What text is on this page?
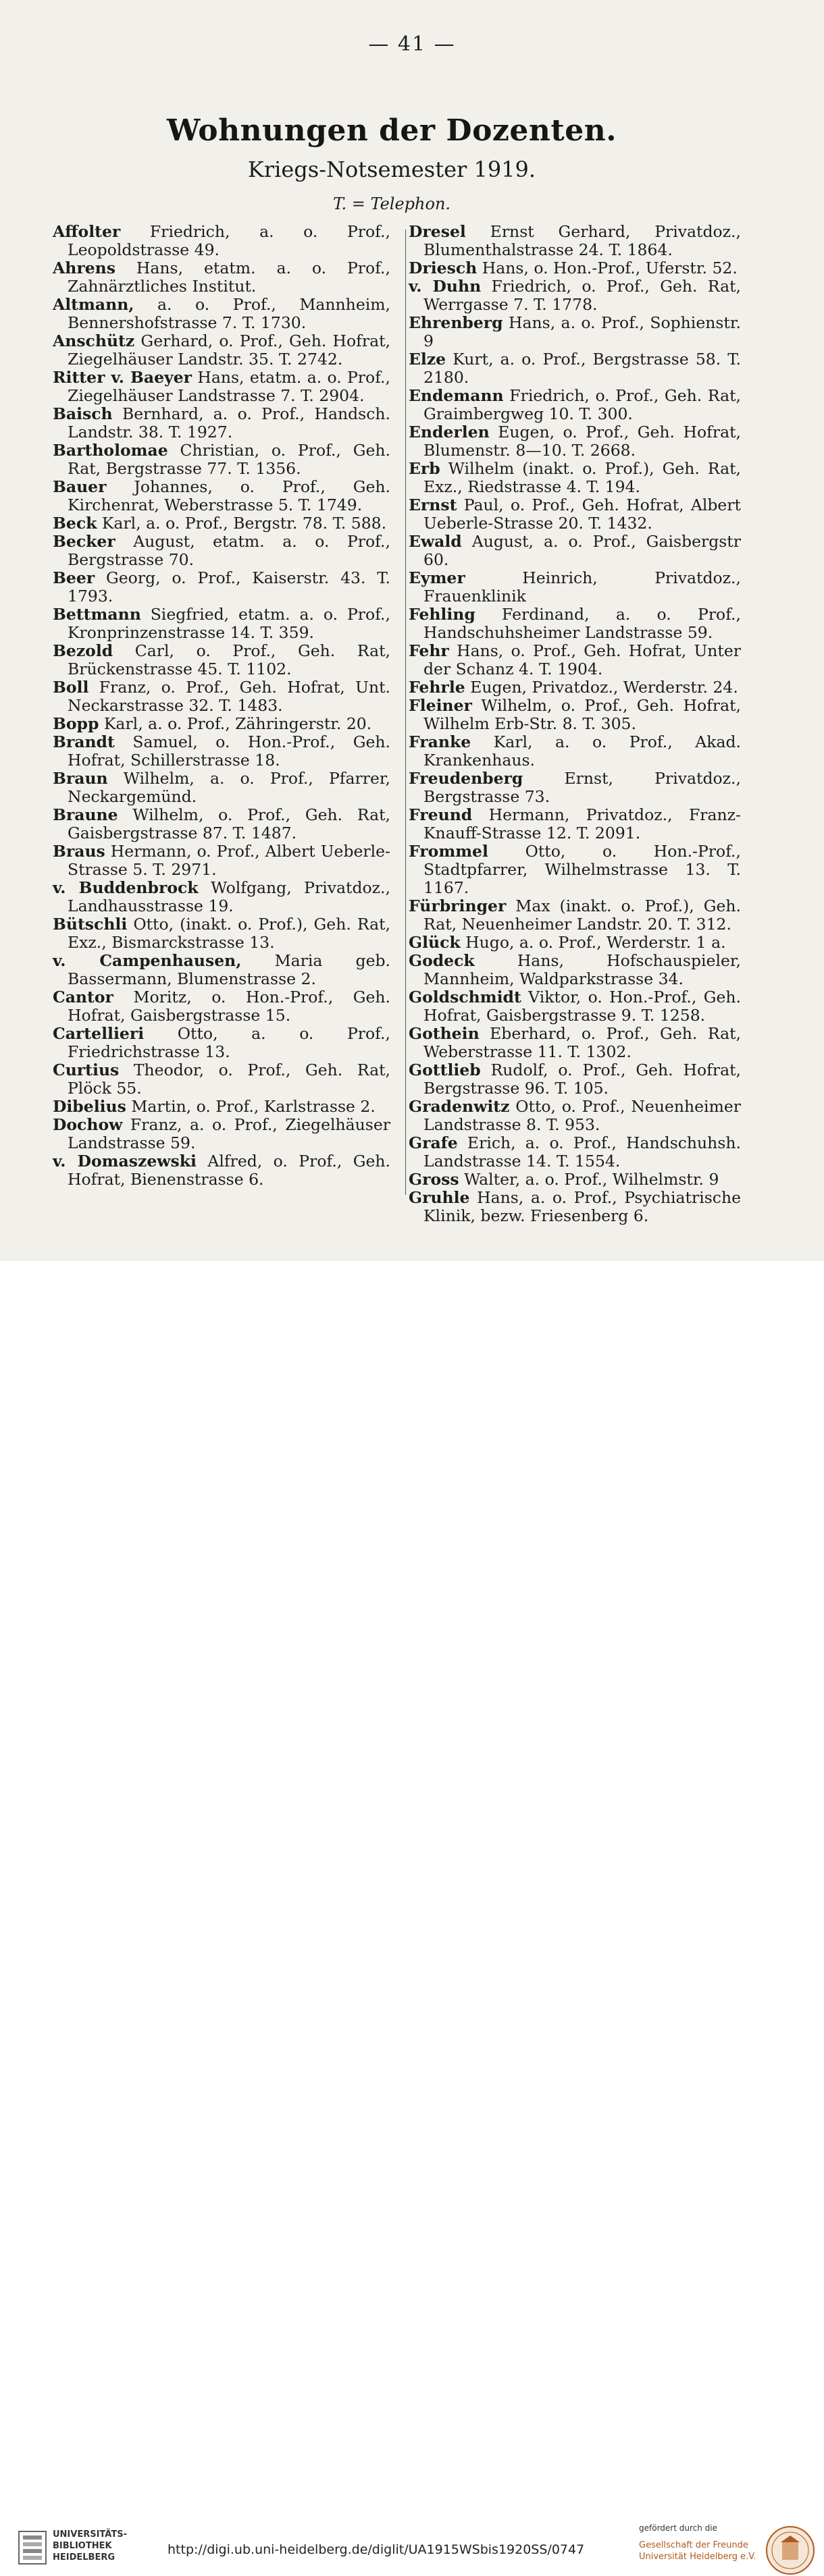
— 41 —
Wohnungen der Dozenten.
Kriegs-Notsemester 1919.
T. = Telephon.
Affolter Friedrich, a. o. Prof., Leopoldstrasse 49.
Ahrens Hans, etatm. a. o. Prof., Zahnärztliches Institut.
Altmann, a. o. Prof., Mannheim, Bennershofstrasse 7. T. 1730.
Anschütz Gerhard, o. Prof., Geh. Hofrat, Ziegelhäuser Landstr. 35. T. 2742.
Ritter v. Baeyer Hans, etatm. a. o. Prof., Ziegelhäuser Landstrasse 7. T. 2904.
Baisch Bernhard, a. o. Prof., Handsch. Landstr. 38. T. 1927.
Bartholomae Christian, o. Prof., Geh. Rat, Bergstrasse 77. T. 1356.
Bauer Johannes, o. Prof., Geh. Kirchenrat, Weberstrasse 5. T. 1749.
Beck Karl, a. o. Prof., Bergstr. 78. T. 588.
Becker August, etatm. a. o. Prof., Bergstrasse 70.
Beer Georg, o. Prof., Kaiserstr. 43. T. 1793.
Bettmann Siegfried, etatm. a. o. Prof., Kronprinzenstrasse 14. T. 359.
Bezold Carl, o. Prof., Geh. Rat, Brückenstrasse 45. T. 1102.
Boll Franz, o. Prof., Geh. Hofrat, Unt. Neckarstrasse 32. T. 1483.
Bopp Karl, a. o. Prof., Zähringerstr. 20.
Brandt Samuel, o. Hon.-Prof., Geh. Hofrat, Schillerstrasse 18.
Braun Wilhelm, a. o. Prof., Pfarrer, Neckargemünd.
Braune Wilhelm, o. Prof., Geh. Rat, Gaisbergstrasse 87. T. 1487.
Braus Hermann, o. Prof., Albert Ueberle-Strasse 5. T. 2971.
v. Buddenbrock Wolfgang, Privatdoz., Landhausstrasse 19.
Bütschli Otto, (inakt. o. Prof.), Geh. Rat, Exz., Bismarckstrasse 13.
v. Campenhausen, Maria geb. Bassermann, Blumenstrasse 2.
Cantor Moritz, o. Hon.-Prof., Geh. Hofrat, Gaisbergstrasse 15.
Cartellieri Otto, a. o. Prof., Friedrichstrasse 13.
Curtius Theodor, o. Prof., Geh. Rat, Plöck 55.
Dibelius Martin, o. Prof., Karlstrasse 2.
Dochow Franz, a. o. Prof., Ziegelhäuser Landstrasse 59.
v. Domaszewski Alfred, o. Prof., Geh. Hofrat, Bienenstrasse 6.
Dresel Ernst Gerhard, Privatdoz., Blumenthalstrasse 24. T. 1864.
Driesch Hans, o. Hon.-Prof., Uferstr. 52.
v. Duhn Friedrich, o. Prof., Geh. Rat, Werrgasse 7. T. 1778.
Ehrenberg Hans, a. o. Prof., Sophienstr. 9
Elze Kurt, a. o. Prof., Bergstrasse 58. T. 2180.
Endemann Friedrich, o. Prof., Geh. Rat, Graimbergweg 10. T. 300.
Enderlen Eugen, o. Prof., Geh. Hofrat, Blumenstr. 8—10. T. 2668.
Erb Wilhelm (inakt. o. Prof.), Geh. Rat, Exz., Riedstrasse 4. T. 194.
Ernst Paul, o. Prof., Geh. Hofrat, Albert Ueberle-Strasse 20. T. 1432.
Ewald August, a. o. Prof., Gaisbergstr 60.
Eymer Heinrich, Privatdoz., Frauenklinik
Fehling Ferdinand, a. o. Prof., Handschuhsheimer Landstrasse 59.
Fehr Hans, o. Prof., Geh. Hofrat, Unter der Schanz 4. T. 1904.
Fehrle Eugen, Privatdoz., Werderstr. 24.
Fleiner Wilhelm, o. Prof., Geh. Hofrat, Wilhelm Erb-Str. 8. T. 305.
Franke Karl, a. o. Prof., Akad. Krankenhaus.
Freudenberg Ernst, Privatdoz., Bergstrasse 73.
Freund Hermann, Privatdoz., Franz-Knauff-Strasse 12. T. 2091.
Frommel Otto, o. Hon.-Prof., Stadtpfarrer, Wilhelmstrasse 13. T. 1167.
Fürbringer Max (inakt. o. Prof.), Geh. Rat, Neuenheimer Landstr. 20. T. 312.
Glück Hugo, a. o. Prof., Werderstr. 1 a.
Godeck Hans, Hofschauspieler, Mannheim, Waldparkstrasse 34.
Goldschmidt Viktor, o. Hon.-Prof., Geh. Hofrat, Gaisbergstrasse 9. T. 1258.
Gothein Eberhard, o. Prof., Geh. Rat, Weberstrasse 11. T. 1302.
Gottlieb Rudolf, o. Prof., Geh. Hofrat, Bergstrasse 96. T. 105.
Gradenwitz Otto, o. Prof., Neuenheimer Landstrasse 8. T. 953.
Grafe Erich, a. o. Prof., Handschuhsh. Landstrasse 14. T. 1554.
Gross Walter, a. o. Prof., Wilhelmstr. 9
Gruhle Hans, a. o. Prof., Psychiatrische Klinik, bezw. Friesenberg 6.
UNIVERSITÄTS-
BIBLIOTHEK
HEIDELBERG
http://digi.ub.uni-heidelberg.de/diglit/UA1915WSbis1920SS/0747
gefördert durch die
Gesellschaft der Freunde
Universität Heidelberg e.V.
